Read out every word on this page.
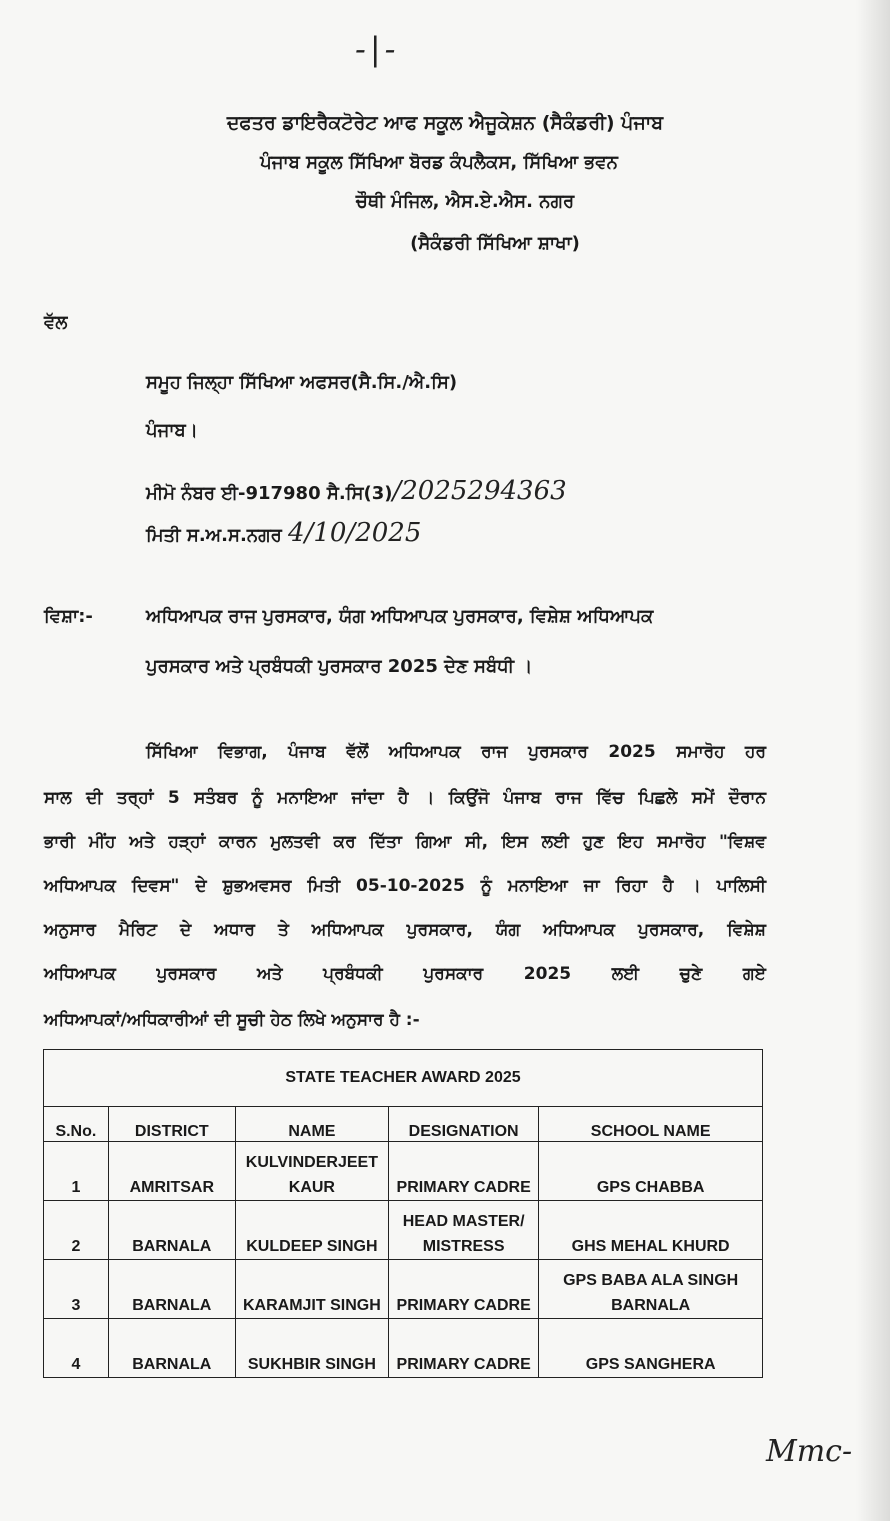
-|-
ਦਫਤਰ ਡਾਇਰੈਕਟੋਰੇਟ ਆਫ ਸਕੂਲ ਐਜੂਕੇਸ਼ਨ (ਸੈਕੰਡਰੀ) ਪੰਜਾਬ
ਪੰਜਾਬ ਸਕੂਲ ਸਿੱਖਿਆ ਬੋਰਡ ਕੰਪਲੈਕਸ, ਸਿੱਖਿਆ ਭਵਨ
ਚੌਥੀ ਮੰਜਿਲ, ਐਸ.ਏ.ਐਸ. ਨਗਰ
(ਸੈਕੰਡਰੀ ਸਿੱਖਿਆ ਸ਼ਾਖਾ)
ਵੱਲ
ਸਮੂਹ ਜਿਲ੍ਹਾ ਸਿੱਖਿਆ ਅਫਸਰ(ਸੈ.ਸਿ./ਐ.ਸਿ)
ਪੰਜਾਬ।
ਮੀਮੋ ਨੰਬਰ ਈ-917980 ਸੈ.ਸਿ(3)/2025294363
ਮਿਤੀ ਸ.ਅ.ਸ.ਨਗਰ 4/10/2025
ਵਿਸ਼ਾ:-	ਅਧਿਆਪਕ ਰਾਜ ਪੁਰਸਕਾਰ, ਯੰਗ ਅਧਿਆਪਕ ਪੁਰਸਕਾਰ, ਵਿਸ਼ੇਸ਼ ਅਧਿਆਪਕ
ਪੁਰਸਕਾਰ ਅਤੇ ਪ੍ਰਬੰਧਕੀ ਪੁਰਸਕਾਰ 2025 ਦੇਣ ਸਬੰਧੀ ।
ਸਿੱਖਿਆ ਵਿਭਾਗ, ਪੰਜਾਬ ਵੱਲੋਂ ਅਧਿਆਪਕ ਰਾਜ ਪੁਰਸਕਾਰ 2025 ਸਮਾਰੋਹ ਹਰ
ਸਾਲ ਦੀ ਤਰ੍ਹਾਂ 5 ਸਤੰਬਰ ਨੂੰ ਮਨਾਇਆ ਜਾਂਦਾ ਹੈ । ਕਿਉਂਜੋ ਪੰਜਾਬ ਰਾਜ ਵਿੱਚ ਪਿਛਲੇ ਸਮੇਂ ਦੌਰਾਨ
ਭਾਰੀ ਮੀਂਹ ਅਤੇ ਹੜ੍ਹਾਂ ਕਾਰਨ ਮੁਲਤਵੀ ਕਰ ਦਿੱਤਾ ਗਿਆ ਸੀ, ਇਸ ਲਈ ਹੁਣ ਇਹ ਸਮਾਰੋਹ "ਵਿਸ਼ਵ
ਅਧਿਆਪਕ ਦਿਵਸ" ਦੇ ਸ਼ੁਭਅਵਸਰ ਮਿਤੀ 05-10-2025 ਨੂੰ ਮਨਾਇਆ ਜਾ ਰਿਹਾ ਹੈ । ਪਾਲਿਸੀ
ਅਨੁਸਾਰ ਮੈਰਿਟ ਦੇ ਅਧਾਰ ਤੇ ਅਧਿਆਪਕ ਪੁਰਸਕਾਰ, ਯੰਗ ਅਧਿਆਪਕ ਪੁਰਸਕਾਰ, ਵਿਸ਼ੇਸ਼
ਅਧਿਆਪਕ ਪੁਰਸਕਾਰ ਅਤੇ ਪ੍ਰਬੰਧਕੀ ਪੁਰਸਕਾਰ 2025 ਲਈ ਚੁਣੇ ਗਏ
ਅਧਿਆਪਕਾਂ/ਅਧਿਕਾਰੀਆਂ ਦੀ ਸੂਚੀ ਹੇਠ ਲਿਖੇ ਅਨੁਸਾਰ ਹੈ :-
STATE TEACHER AWARD 2025				
S.No.	DISTRICT	NAME	DESIGNATION	SCHOOL NAME
1	AMRITSAR	KULVINDERJEET KAUR	PRIMARY CADRE	GPS CHABBA
2	BARNALA	KULDEEP SINGH	HEAD MASTER/ MISTRESS	GHS MEHAL KHURD
3	BARNALA	KARAMJIT SINGH	PRIMARY CADRE	GPS BABA ALA SINGH BARNALA
4	BARNALA	SUKHBIR SINGH	PRIMARY CADRE	GPS SANGHERA
Mmc-
